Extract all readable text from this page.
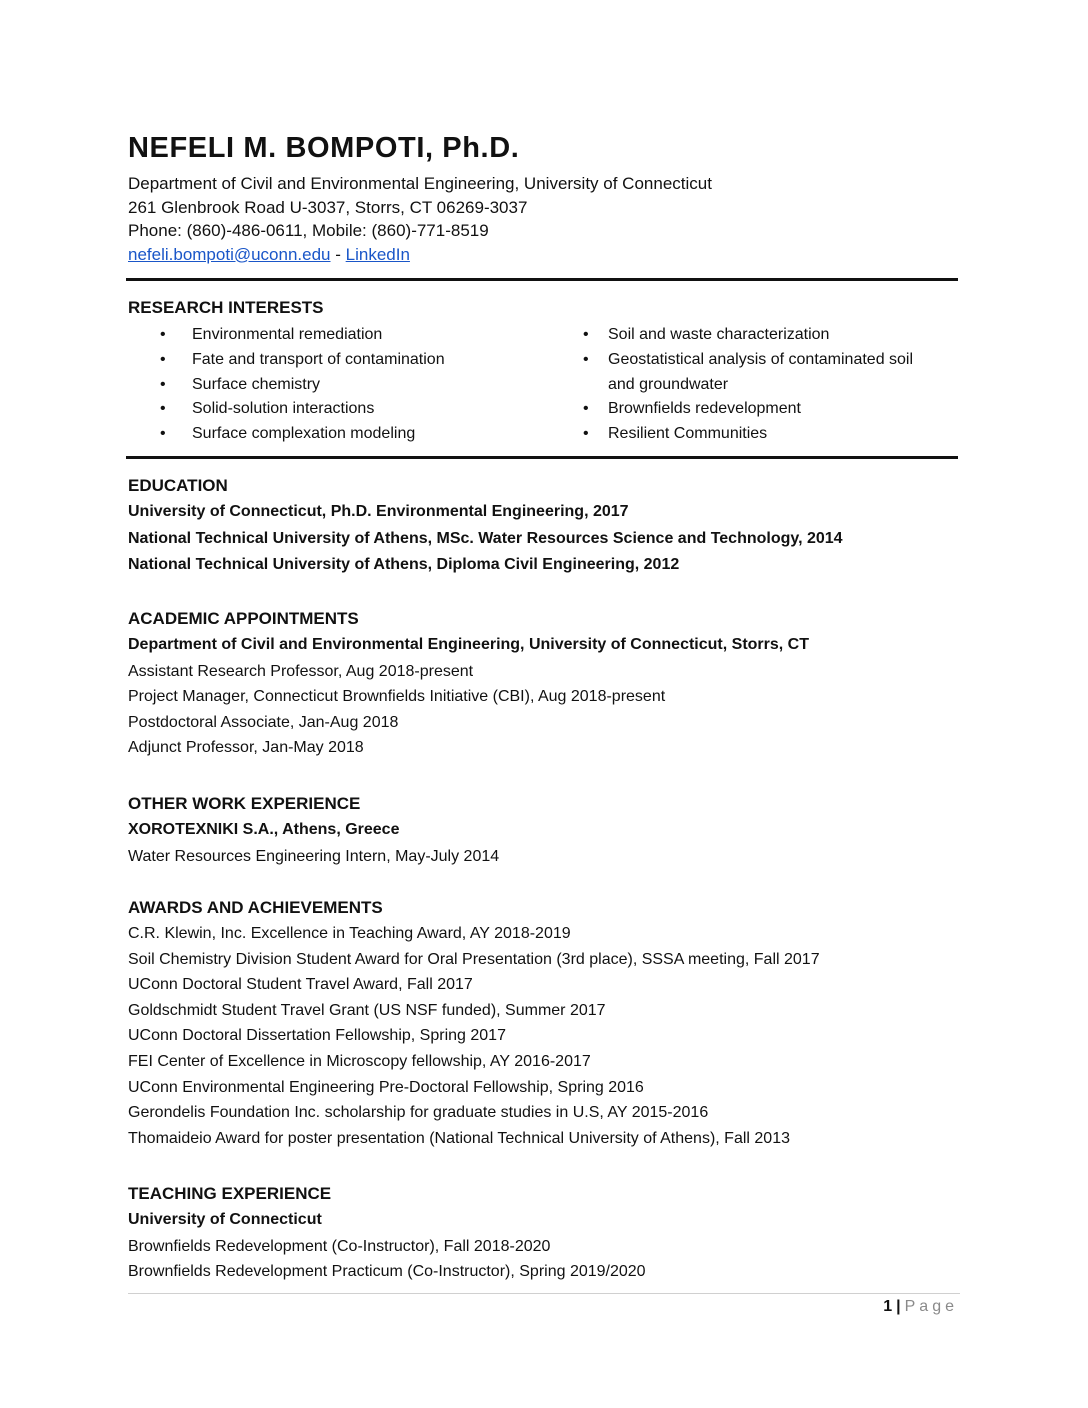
NEFELI M. BOMPOTI, Ph.D.
Department of Civil and Environmental Engineering, University of Connecticut
261 Glenbrook Road U-3037, Storrs, CT 06269-3037
Phone: (860)-486-0611, Mobile: (860)-771-8519
nefeli.bompoti@uconn.edu - LinkedIn
RESEARCH INTERESTS
• Environmental remediation
• Fate and transport of contamination
• Surface chemistry
• Solid-solution interactions
• Surface complexation modeling
• Soil and waste characterization
• Geostatistical analysis of contaminated soil
and groundwater
• Brownfields redevelopment
• Resilient Communities
EDUCATION
University of Connecticut, Ph.D. Environmental Engineering, 2017
National Technical University of Athens, MSc. Water Resources Science and Technology, 2014
National Technical University of Athens, Diploma Civil Engineering, 2012
ACADEMIC APPOINTMENTS
Department of Civil and Environmental Engineering, University of Connecticut, Storrs, CT
Assistant Research Professor, Aug 2018-present
Project Manager, Connecticut Brownfields Initiative (CBI), Aug 2018-present
Postdoctoral Associate, Jan-Aug 2018
Adjunct Professor, Jan-May 2018
OTHER WORK EXPERIENCE
XOROTEXNIKI S.A., Athens, Greece
Water Resources Engineering Intern, May-July 2014
AWARDS AND ACHIEVEMENTS
C.R. Klewin, Inc. Excellence in Teaching Award, AY 2018-2019
Soil Chemistry Division Student Award for Oral Presentation (3rd place), SSSA meeting, Fall 2017
UConn Doctoral Student Travel Award, Fall 2017
Goldschmidt Student Travel Grant (US NSF funded), Summer 2017
UConn Doctoral Dissertation Fellowship, Spring 2017
FEI Center of Excellence in Microscopy fellowship, AY 2016-2017
UConn Environmental Engineering Pre-Doctoral Fellowship, Spring 2016
Gerondelis Foundation Inc. scholarship for graduate studies in U.S, AY 2015-2016
Thomaideio Award for poster presentation (National Technical University of Athens), Fall 2013
TEACHING EXPERIENCE
University of Connecticut
Brownfields Redevelopment (Co-Instructor), Fall 2018-2020
Brownfields Redevelopment Practicum (Co-Instructor), Spring 2019/2020
1 | Page
